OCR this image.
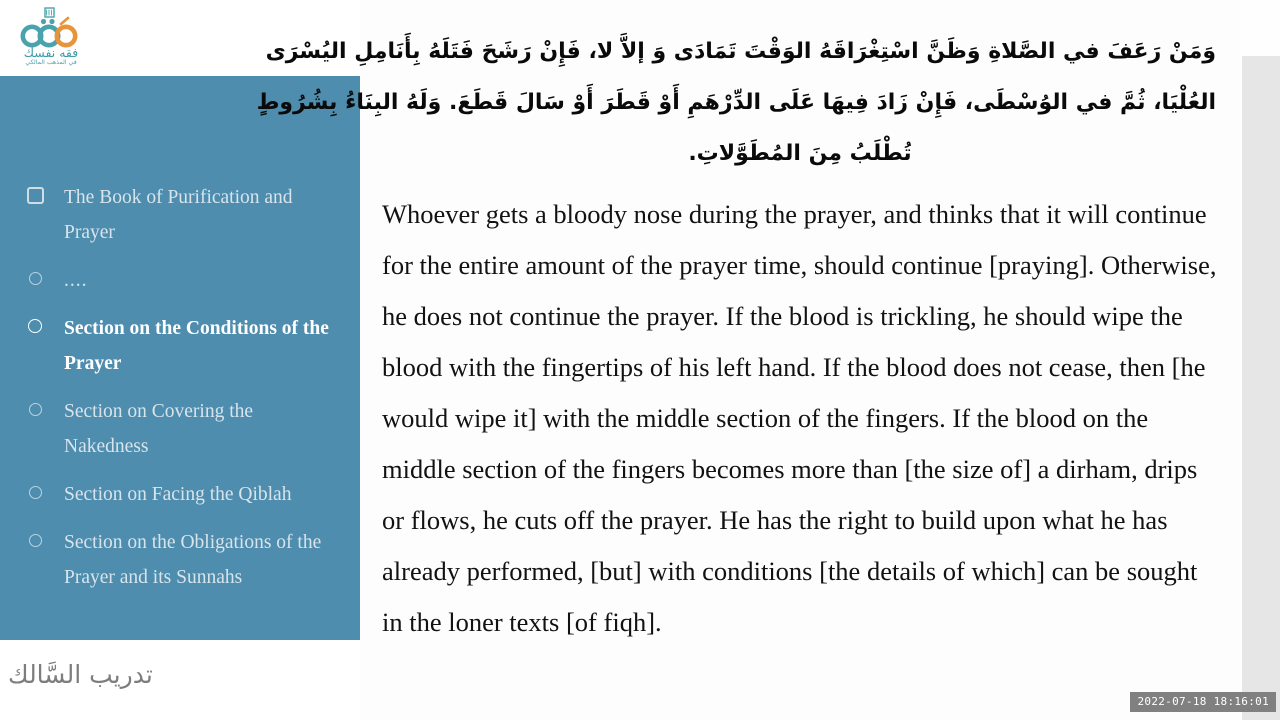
فقه نفسك
في المذهب المالكي
The Book of Purification and Prayer
....
Section on the Conditions of the Prayer
Section on Covering the Nakedness
Section on Facing the Qiblah
Section on the Obligations of the Prayer and its Sunnahs
تدريب السَّالك
وَمَنْ رَعَفَ في الصَّلاةِ وَظَنَّ اسْتِغْرَاقَهُ الوَقْتَ تَمَادَى وَ إلاَّ لا، فَإِنْ رَشَحَ فَتَلَهُ بِأَنَامِلِ اليُسْرَى
العُلْيَا، ثُمَّ في الوُسْطَى، فَإِنْ زَادَ فِيهَا عَلَى الدِّرْهَمِ أَوْ قَطَرَ أَوْ سَالَ قَطَعَ. وَلَهُ البِنَاءُ بِشُرُوطٍ
تُطْلَبُ مِنَ المُطَوَّلاتِ.

Whoever gets a bloody nose during the prayer, and thinks that it will continue for the entire amount of the prayer time, should continue [praying]. Otherwise, he does not continue the prayer. If the blood is trickling, he should wipe the blood with the fingertips of his left hand. If the blood does not cease, then [he would wipe it] with the middle section of the fingers. If the blood on the middle section of the fingers becomes more than [the size of] a dirham, drips or flows, he cuts off the prayer. He has the right to build upon what he has already performed, [but] with conditions [the details of which] can be sought in the loner texts [of fiqh].

2022-07-18 18:16:01
